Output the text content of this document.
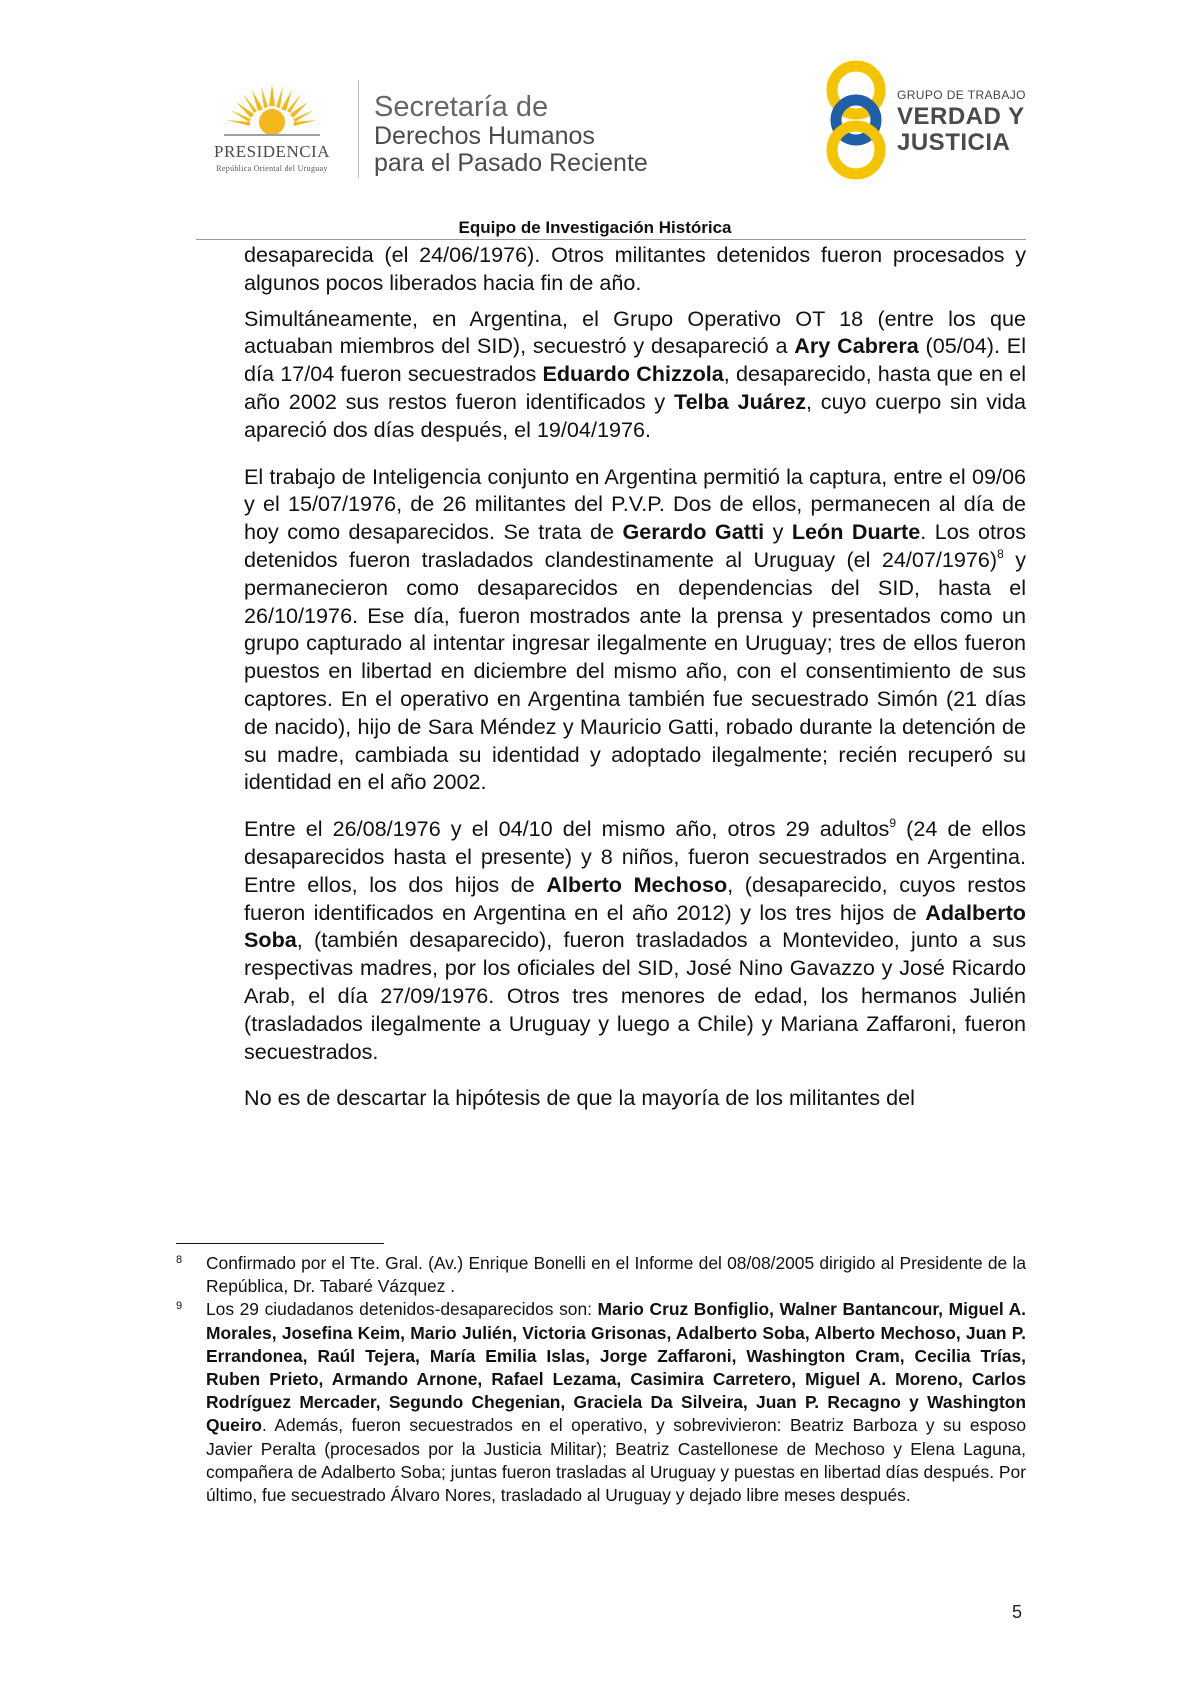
PRESIDENCIA
República Oriental del Uruguay
Secretaría de
Derechos Humanos
para el Pasado Reciente
GRUPO DE TRABAJO
VERDAD Y
JUSTICIA
Equipo de Investigación Histórica

desaparecida (el 24/06/1976). Otros militantes detenidos fueron procesados y algunos pocos liberados hacia fin de año.

Simultáneamente, en Argentina, el Grupo Operativo OT 18 (entre los que actuaban miembros del SID), secuestró y desapareció a Ary Cabrera (05/04). El día 17/04 fueron secuestrados Eduardo Chizzola, desaparecido, hasta que en el año 2002 sus restos fueron identificados y Telba Juárez, cuyo cuerpo sin vida apareció dos días después, el 19/04/1976.

El trabajo de Inteligencia conjunto en Argentina permitió la captura, entre el 09/06 y el 15/07/1976, de 26 militantes del P.V.P. Dos de ellos, permanecen al día de hoy como desaparecidos. Se trata de Gerardo Gatti y León Duarte. Los otros detenidos fueron trasladados clandestinamente al Uruguay (el 24/07/1976)$^8$ y permanecieron como desaparecidos en dependencias del SID, hasta el 26/10/1976. Ese día, fueron mostrados ante la prensa y presentados como un grupo capturado al intentar ingresar ilegalmente en Uruguay; tres de ellos fueron puestos en libertad en diciembre del mismo año, con el consentimiento de sus captores. En el operativo en Argentina también fue secuestrado Simón (21 días de nacido), hijo de Sara Méndez y Mauricio Gatti, robado durante la detención de su madre, cambiada su identidad y adoptado ilegalmente; recién recuperó su identidad en el año 2002.

Entre el 26/08/1976 y el 04/10 del mismo año, otros 29 adultos$^9$ (24 de ellos desaparecidos hasta el presente) y 8 niños, fueron secuestrados en Argentina. Entre ellos, los dos hijos de Alberto Mechoso, (desaparecido, cuyos restos fueron identificados en Argentina en el año 2012) y los tres hijos de Adalberto Soba, (también desaparecido), fueron trasladados a Montevideo, junto a sus respectivas madres, por los oficiales del SID, José Nino Gavazzo y José Ricardo Arab, el día 27/09/1976. Otros tres menores de edad, los hermanos Julién (trasladados ilegalmente a Uruguay y luego a Chile) y Mariana Zaffaroni, fueron secuestrados.

No es de descartar la hipótesis de que la mayoría de los militantes del

8 Confirmado por el Tte. Gral. (Av.) Enrique Bonelli en el Informe del 08/08/2005 dirigido al Presidente de la República, Dr. Tabaré Vázquez .

9 Los 29 ciudadanos detenidos-desaparecidos son: Mario Cruz Bonfiglio, Walner Bantancour, Miguel A. Morales, Josefina Keim, Mario Julién, Victoria Grisonas, Adalberto Soba, Alberto Mechoso, Juan P. Errandonea, Raúl Tejera, María Emilia Islas, Jorge Zaffaroni, Washington Cram, Cecilia Trías, Ruben Prieto, Armando Arnone, Rafael Lezama, Casimira Carretero, Miguel A. Moreno, Carlos Rodríguez Mercader, Segundo Chegenian, Graciela Da Silveira, Juan P. Recagno y Washington Queiro. Además, fueron secuestrados en el operativo, y sobrevivieron: Beatriz Barboza y su esposo Javier Peralta (procesados por la Justicia Militar); Beatriz Castellonese de Mechoso y Elena Laguna, compañera de Adalberto Soba; juntas fueron trasladas al Uruguay y puestas en libertad días después. Por último, fue secuestrado Álvaro Nores, trasladado al Uruguay y dejado libre meses después.

5
